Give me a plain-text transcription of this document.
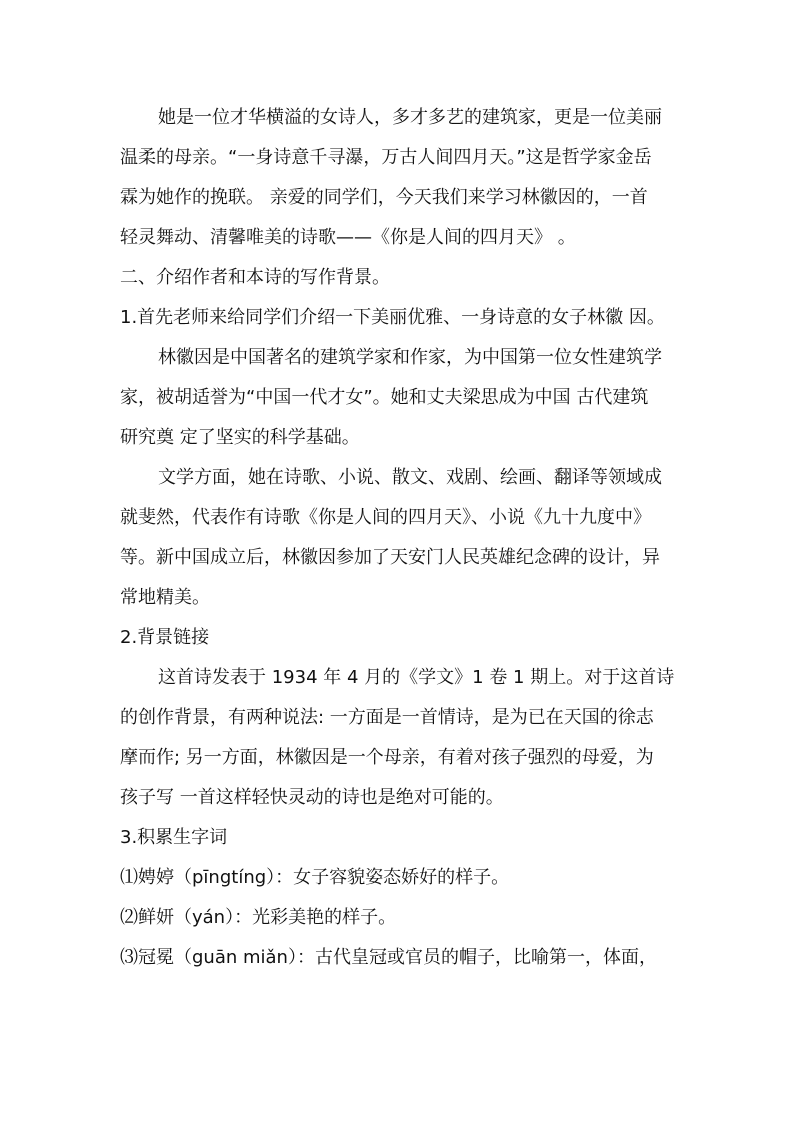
她是一位才华横溢的女诗人，多才多艺的建筑家，更是一位美丽
温柔的母亲。“一身诗意千寻瀑，万古人间四月天。”这是哲学家金岳
霖为她作的挽联。 亲爱的同学们，今天我们来学习林徽因的，一首
轻灵舞动、清馨唯美的诗歌——《你是人间的四月天》 。
二、介绍作者和本诗的写作背景。
1.首先老师来给同学们介绍一下美丽优雅、一身诗意的女子林徽 因。
林徽因是中国著名的建筑学家和作家，为中国第一位女性建筑学
家，被胡适誉为“中国一代才女”。她和丈夫梁思成为中国 古代建筑
研究奠 定了坚实的科学基础。
文学方面，她在诗歌、小说、散文、戏剧、绘画、翻译等领域成
就斐然，代表作有诗歌《你是人间的四月天》、小说《九十九度中》
等。新中国成立后，林徽因参加了天安门人民英雄纪念碑的设计，异
常地精美。
2.背景链接
这首诗发表于 1934 年 4 月的《学文》1 卷 1 期上。对于这首诗
的创作背景，有两种说法: 一方面是一首情诗，是为已在天国的徐志
摩而作; 另一方面，林徽因是一个母亲，有着对孩子强烈的母爱，为
孩子写 一首这样轻快灵动的诗也是绝对可能的。
3.积累生字词
⑴娉婷（pīngtíng）：女子容貌姿态娇好的样子。
⑵鲜妍（yán）：光彩美艳的样子。
⑶冠冕（guān miǎn）：古代皇冠或官员的帽子，比喻第一，体面，
